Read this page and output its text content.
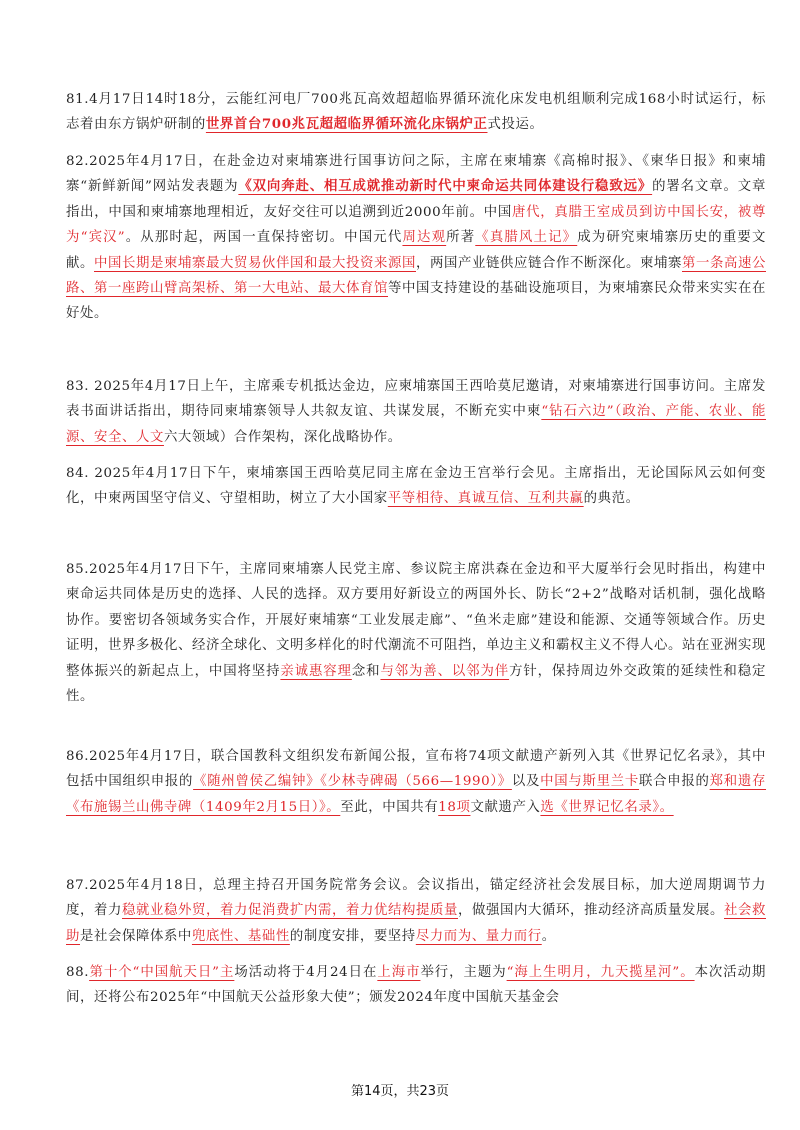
81.4月17日14时18分，云能红河电厂700兆瓦高效超超临界循环流化床发电机组顺利完成168小时试运行，标志着由东方锅炉研制的世界首台700兆瓦超超临界循环流化床锅炉正式投运。
82.2025年4月17日，在赴金边对柬埔寨进行国事访问之际，主席在柬埔寨《高棉时报》、《柬华日报》和柬埔寨“新鲜新闻”网站发表题为《双向奔赴、相互成就推动新时代中柬命运共同体建设行稳致远》的署名文章。文章指出，中国和柬埔寨地理相近，友好交往可以追溯到近2000年前。中国唐代，真腊王室成员到访中国长安，被尊为“宾汉”。从那时起，两国一直保持密切。中国元代周达观所著《真腊风土记》成为研究柬埔寨历史的重要文献。中国长期是柬埔寨最大贸易伙伴国和最大投资来源国，两国产业链供应链合作不断深化。柬埔寨第一条高速公路、第一座跨山臂高架桥、第一大电站、最大体育馆等中国支持建设的基础设施项目，为柬埔寨民众带来实实在在好处。
83. 2025年4月17日上午，主席乘专机抵达金边，应柬埔寨国王西哈莫尼邀请，对柬埔寨进行国事访问。主席发表书面讲话指出，期待同柬埔寨领导人共叙友谊、共谋发展，不断充实中柬“钻石六边”（政治、产能、农业、能源、安全、人文六大领域）合作架构，深化战略协作。
84. 2025年4月17日下午，柬埔寨国王西哈莫尼同主席在金边王宫举行会见。主席指出，无论国际风云如何变化，中柬两国坚守信义、守望相助，树立了大小国家平等相待、真诚互信、互利共赢的典范。
85.2025年4月17日下午，主席同柬埔寨人民党主席、参议院主席洪森在金边和平大厦举行会见时指出，构建中柬命运共同体是历史的选择、人民的选择。双方要用好新设立的两国外长、防长“2+2”战略对话机制，强化战略协作。要密切各领域务实合作，开展好柬埔寨“工业发展走廊”、“鱼米走廊”建设和能源、交通等领域合作。历史证明，世界多极化、经济全球化、文明多样化的时代潮流不可阻挡，单边主义和霸权主义不得人心。站在亚洲实现整体振兴的新起点上，中国将坚持亲诚惠容理念和与邻为善、以邻为伴方针，保持周边外交政策的延续性和稳定性。
86.2025年4月17日，联合国教科文组织发布新闻公报，宣布将74项文献遗产新列入其《世界记忆名录》，其中包括中国组织申报的《随州曾侯乙编钟》《少林寺碑碣（566—1990）》以及中国与斯里兰卡联合申报的郑和遗存《布施锡兰山佛寺碑（1409年2月15日）》。至此，中国共有18项文献遗产入选《世界记忆名录》。
87.2025年4月18日，总理主持召开国务院常务会议。会议指出，锚定经济社会发展目标，加大逆周期调节力度，着力稳就业稳外贸，着力促消费扩内需，着力优结构提质量，做强国内大循环，推动经济高质量发展。社会救助是社会保障体系中兜底性、基础性的制度安排，要坚持尽力而为、量力而行。
88.第十个“中国航天日”主场活动将于4月24日在上海市举行，主题为“海上生明月，九天揽星河”。本次活动期间，还将公布2025年“中国航天公益形象大使”；颁发2024年度中国航天基金会
第14页，共23页
